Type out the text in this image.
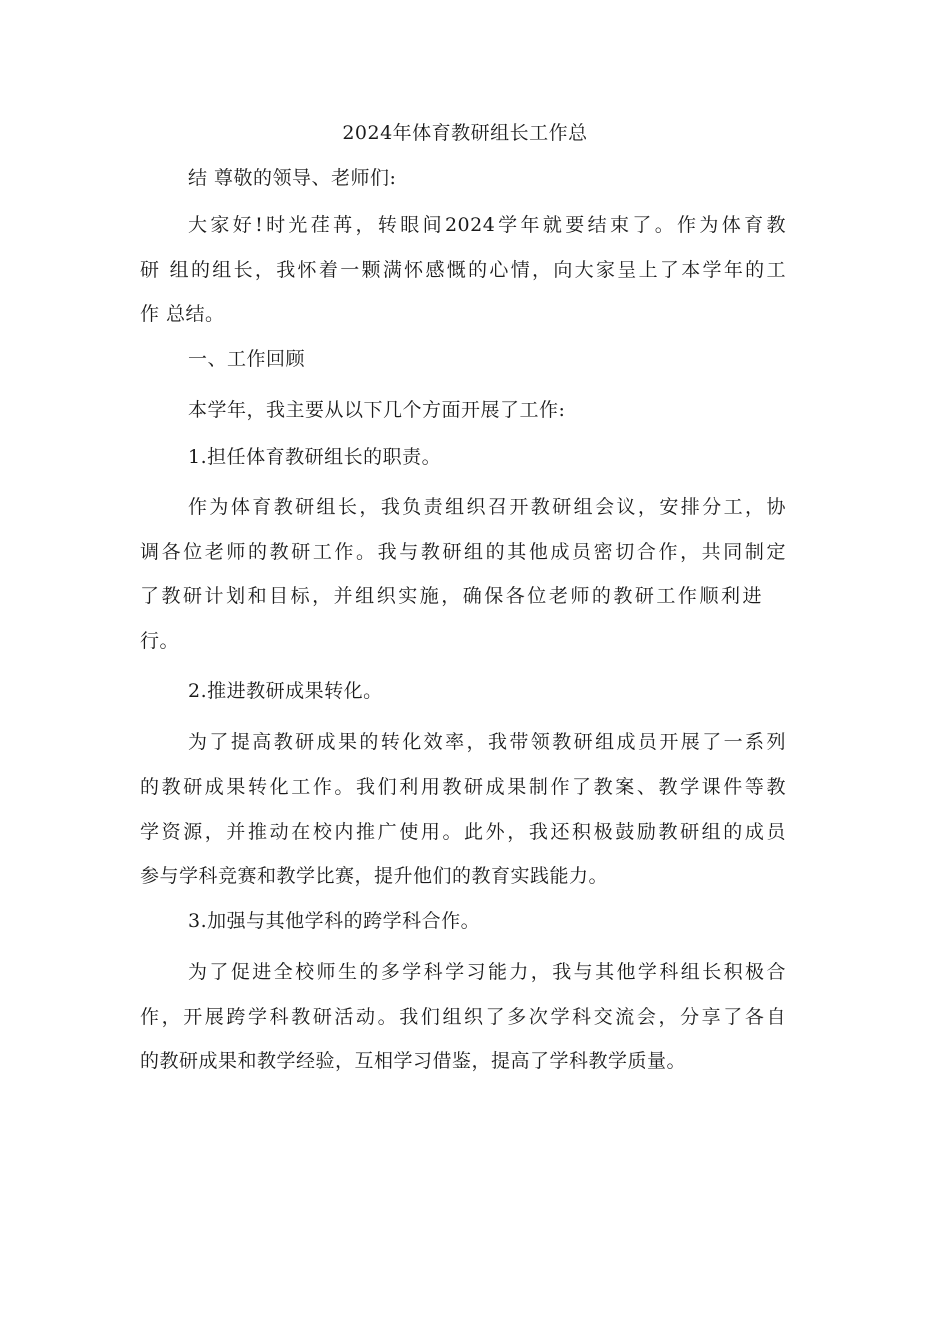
2024年体育教研组长工作总
结 尊敬的领导、老师们:
大家好!时光荏苒，转眼间2024学年就要结束了。作为体育教
研 组的组长，我怀着一颗满怀感慨的心情，向大家呈上了本学年的工
作 总结。
一、工作回顾
本学年，我主要从以下几个方面开展了工作:
1.担任体育教研组长的职责。
作为体育教研组长，我负责组织召开教研组会议，安排分工，协
调各位老师的教研工作。我与教研组的其他成员密切合作，共同制定
了教研计划和目标，并组织实施，确保各位老师的教研工作顺利进
行。
2.推进教研成果转化。
为了提高教研成果的转化效率，我带领教研组成员开展了一系列
的教研成果转化工作。我们利用教研成果制作了教案、教学课件等教
学资源，并推动在校内推广使用。此外，我还积极鼓励教研组的成员
参与学科竞赛和教学比赛，提升他们的教育实践能力。
3.加强与其他学科的跨学科合作。
为了促进全校师生的多学科学习能力，我与其他学科组长积极合
作，开展跨学科教研活动。我们组织了多次学科交流会，分享了各自
的教研成果和教学经验，互相学习借鉴，提高了学科教学质量。
